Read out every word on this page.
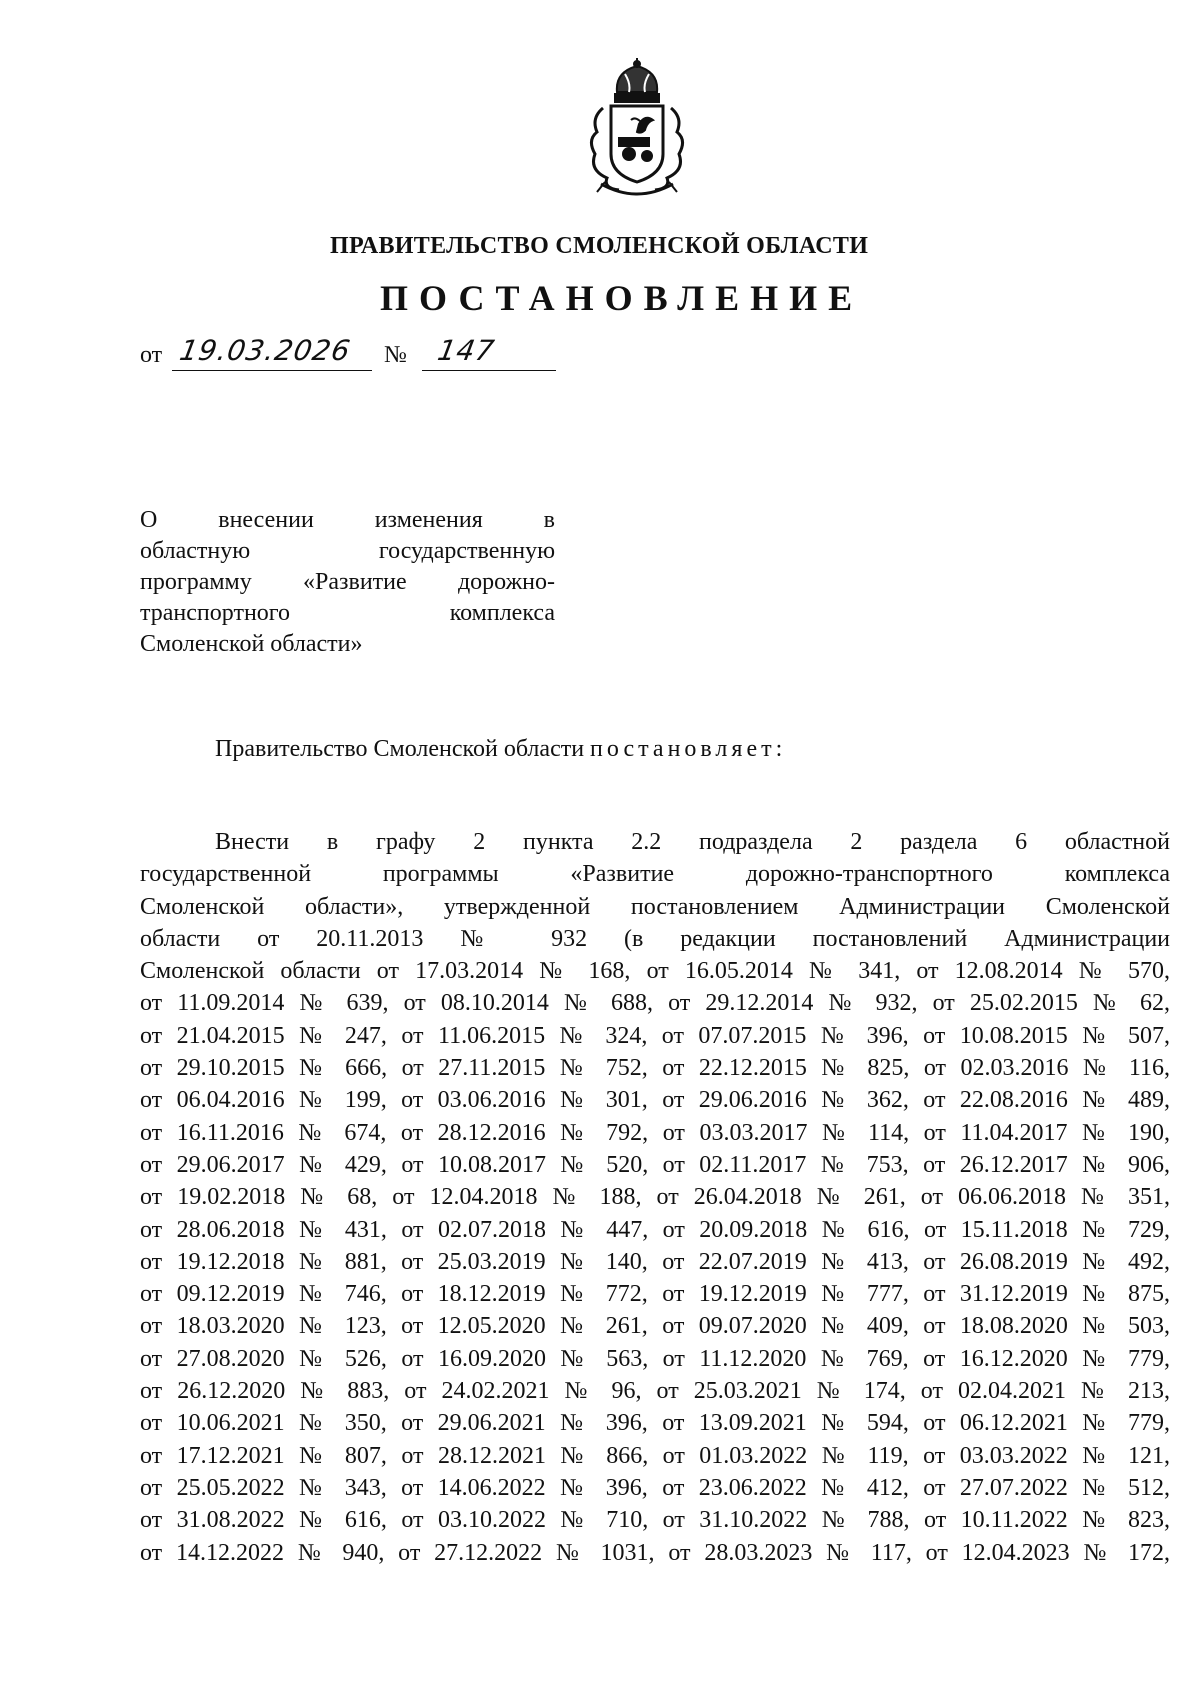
ПРАВИТЕЛЬСТВО СМОЛЕНСКОЙ ОБЛАСТИ
ПОСТАНОВЛЕНИЕ
от 19.03.2026 № 147
О внесении изменения в
областную государственную
программу «Развитие дорожно-
транспортного комплекса
Смоленской области»
Правительство Смоленской области постановляет:
Внести в графу 2 пункта 2.2 подраздела 2 раздела 6 областной
государственной программы «Развитие дорожно-транспортного комплекса
Смоленской области», утвержденной постановлением Администрации Смоленской
области от 20.11.2013 № 932 (в редакции постановлений Администрации
Смоленской области от 17.03.2014 № 168, от 16.05.2014 № 341, от 12.08.2014 № 570,
от 11.09.2014 № 639, от 08.10.2014 № 688, от 29.12.2014 № 932, от 25.02.2015 № 62,
от 21.04.2015 № 247, от 11.06.2015 № 324, от 07.07.2015 № 396, от 10.08.2015 № 507,
от 29.10.2015 № 666, от 27.11.2015 № 752, от 22.12.2015 № 825, от 02.03.2016 № 116,
от 06.04.2016 № 199, от 03.06.2016 № 301, от 29.06.2016 № 362, от 22.08.2016 № 489,
от 16.11.2016 № 674, от 28.12.2016 № 792, от 03.03.2017 № 114, от 11.04.2017 № 190,
от 29.06.2017 № 429, от 10.08.2017 № 520, от 02.11.2017 № 753, от 26.12.2017 № 906,
от 19.02.2018 № 68, от 12.04.2018 № 188, от 26.04.2018 № 261, от 06.06.2018 № 351,
от 28.06.2018 № 431, от 02.07.2018 № 447, от 20.09.2018 № 616, от 15.11.2018 № 729,
от 19.12.2018 № 881, от 25.03.2019 № 140, от 22.07.2019 № 413, от 26.08.2019 № 492,
от 09.12.2019 № 746, от 18.12.2019 № 772, от 19.12.2019 № 777, от 31.12.2019 № 875,
от 18.03.2020 № 123, от 12.05.2020 № 261, от 09.07.2020 № 409, от 18.08.2020 № 503,
от 27.08.2020 № 526, от 16.09.2020 № 563, от 11.12.2020 № 769, от 16.12.2020 № 779,
от 26.12.2020 № 883, от 24.02.2021 № 96, от 25.03.2021 № 174, от 02.04.2021 № 213,
от 10.06.2021 № 350, от 29.06.2021 № 396, от 13.09.2021 № 594, от 06.12.2021 № 779,
от 17.12.2021 № 807, от 28.12.2021 № 866, от 01.03.2022 № 119, от 03.03.2022 № 121,
от 25.05.2022 № 343, от 14.06.2022 № 396, от 23.06.2022 № 412, от 27.07.2022 № 512,
от 31.08.2022 № 616, от 03.10.2022 № 710, от 31.10.2022 № 788, от 10.11.2022 № 823,
от 14.12.2022 № 940, от 27.12.2022 № 1031, от 28.03.2023 № 117, от 12.04.2023 № 172,
